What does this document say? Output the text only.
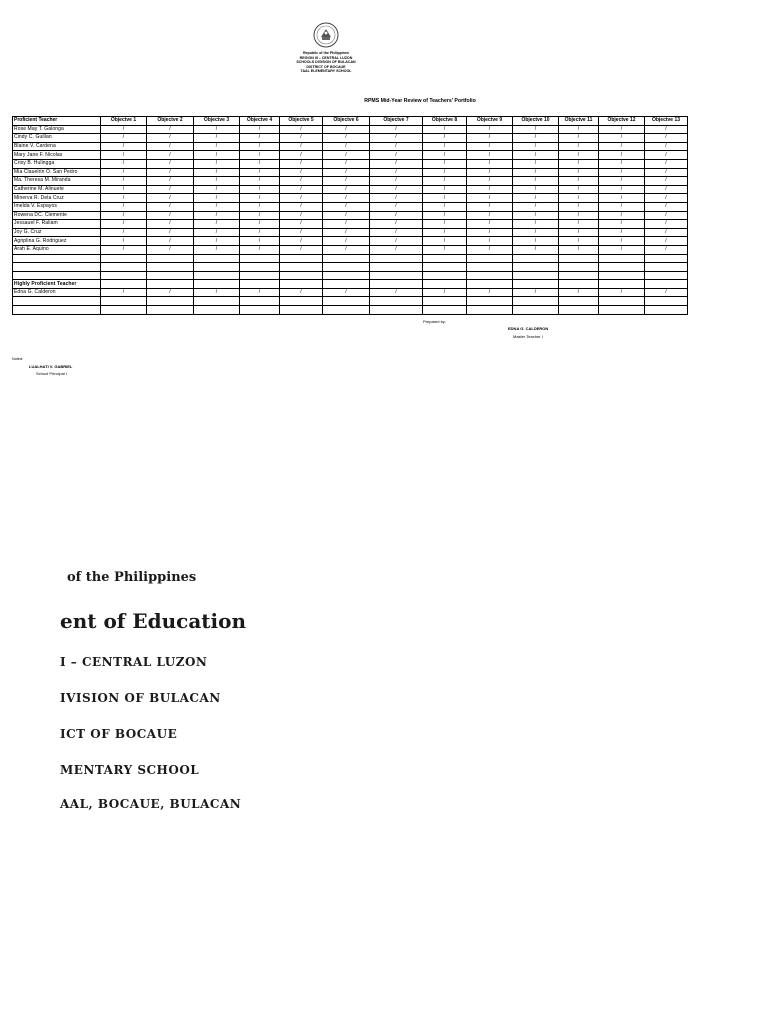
Republic of the Philippines
REGION III – CENTRAL LUZON
SCHOOLS DIVISION OF BULACAN
DISTRICT OF BOCAUE
TAAL ELEMENTARY SCHOOL
RPMS Mid-Year Review of Teachers' Portfolio
Proficient Teacher	Objectve 1	Objectve 2	Objectve 3	Objectve 4	Objectve 5	Objectve 6	Objectve 7	Objectve 8	Objectve 9	Objectve 10	Objectve 11	Objectve 12	Objectve 13
Rose May T. Galonga	/	/	/	/	/	/	/	/	/	/	/	/	/
Cindy C. Guillan	/	/	/	/	/	/	/	/	/	/	/	/	/
Blaine V. Cardena	/	/	/	/	/	/	/	/	/	/	/	/	/
Mary Jane F. Nicolas	/	/	/	/	/	/	/	/	/	/	/	/	/
Crisy B. Hulingga	/	/	/	/	/	/	/	/	/	/	/	/	/
Mia Clauelrin O. San Pedro	/	/	/	/	/	/	/	/	/	/	/	/	/
Ma. Theresa M. Miranda	/	/	/	/	/	/	/	/	/	/	/	/	/
Catherine M. Alinuete	/	/	/	/	/	/	/	/	/	/	/	/	/
Minerva R. Dela Cruz	/	/	/	/	/	/	/	/	/	/	/	/	/
Imelda V. Espayos	/	/	/	/	/	/	/	/	/	/	/	/	/
Rowena DC. Clemente	/	/	/	/	/	/	/	/	/	/	/	/	/
Jessauel F. Raliam	/	/	/	/	/	/	/	/	/	/	/	/	/
Joy G. Cruz	/	/	/	/	/	/	/	/	/	/	/	/	/
Agriplina G. Rodriguez	/	/	/	/	/	/	/	/	/	/	/	/	/
Arah E. Aquino	/	/	/	/	/	/	/	/	/	/	/	/	/

Highly Proficient Teacher													
Edna G. Calderon	/	/	/	/	/	/	/	/	/	/	/	/	/

Prepared by:
EDNA G. CALDERON
Master Teacher I
Noted:
LUALHATI V. GABRIEL
School Principal I
of the Philippines
ent of Education
I – CENTRAL LUZON
IVISION OF BULACAN
ICT OF BOCAUE
MENTARY SCHOOL
AAL, BOCAUE, BULACAN
